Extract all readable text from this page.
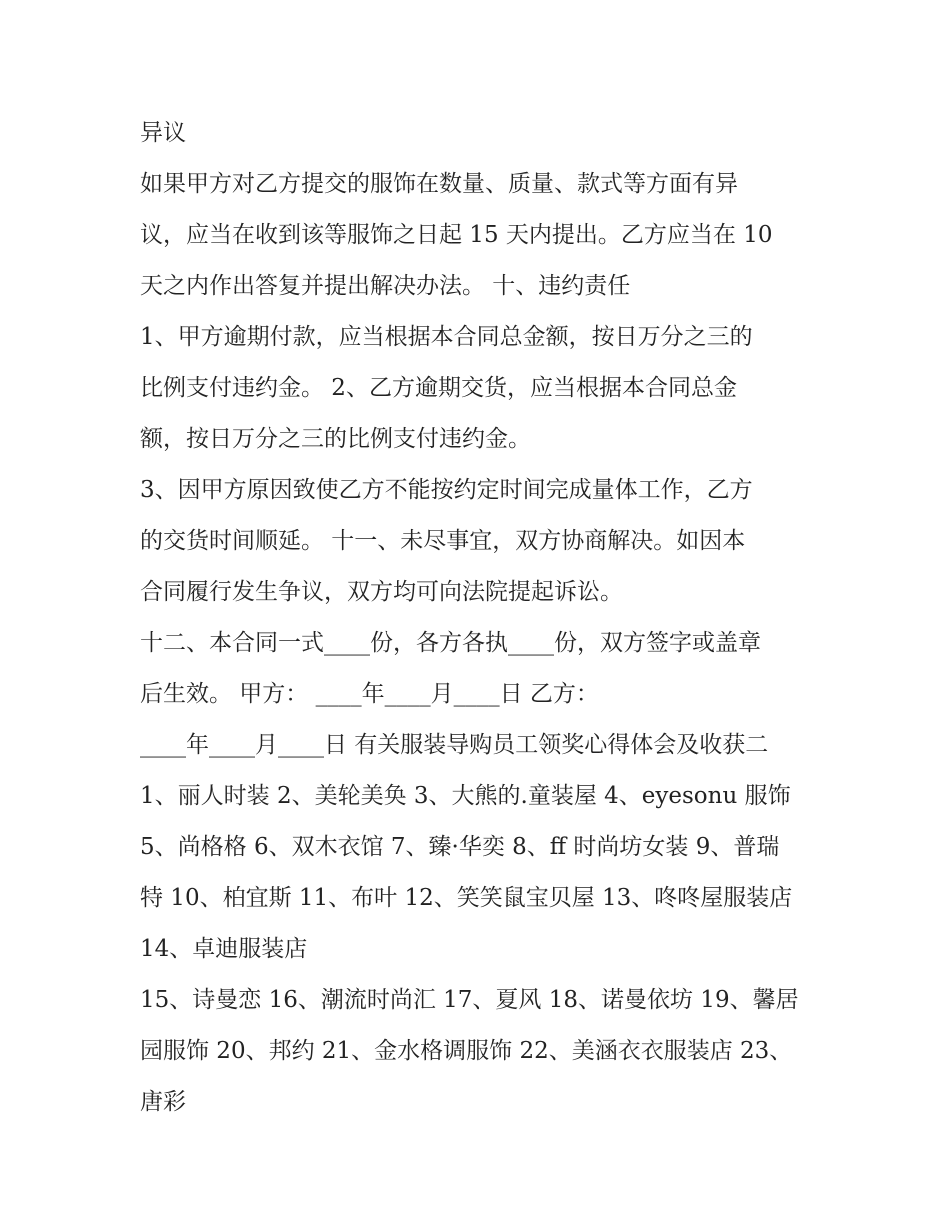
异议
如果甲方对乙方提交的服饰在数量、质量、款式等方面有异
议，应当在收到该等服饰之日起 15 天内提出。乙方应当在 10
天之内作出答复并提出解决办法。 十、违约责任
1、甲方逾期付款，应当根据本合同总金额，按日万分之三的
比例支付违约金。 2、乙方逾期交货，应当根据本合同总金
额，按日万分之三的比例支付违约金。
3、因甲方原因致使乙方不能按约定时间完成量体工作，乙方
的交货时间顺延。 十一、未尽事宜，双方协商解决。如因本
合同履行发生争议，双方均可向法院提起诉讼。
十二、本合同一式____份，各方各执____份，双方签字或盖章
后生效。 甲方： ____年____月____日 乙方：
____年____月____日 有关服装导购员工领奖心得体会及收获二
1、丽人时装 2、美轮美奂 3、大熊的.童装屋 4、eyesonu 服饰
5、尚格格 6、双木衣馆 7、臻·华奕 8、ff 时尚坊女装 9、普瑞
特 10、柏宜斯 11、布叶 12、笑笑鼠宝贝屋 13、咚咚屋服装店
14、卓迪服装店
15、诗曼恋 16、潮流时尚汇 17、夏风 18、诺曼依坊 19、馨居
园服饰 20、邦约 21、金水格调服饰 22、美涵衣衣服装店 23、
唐彩
